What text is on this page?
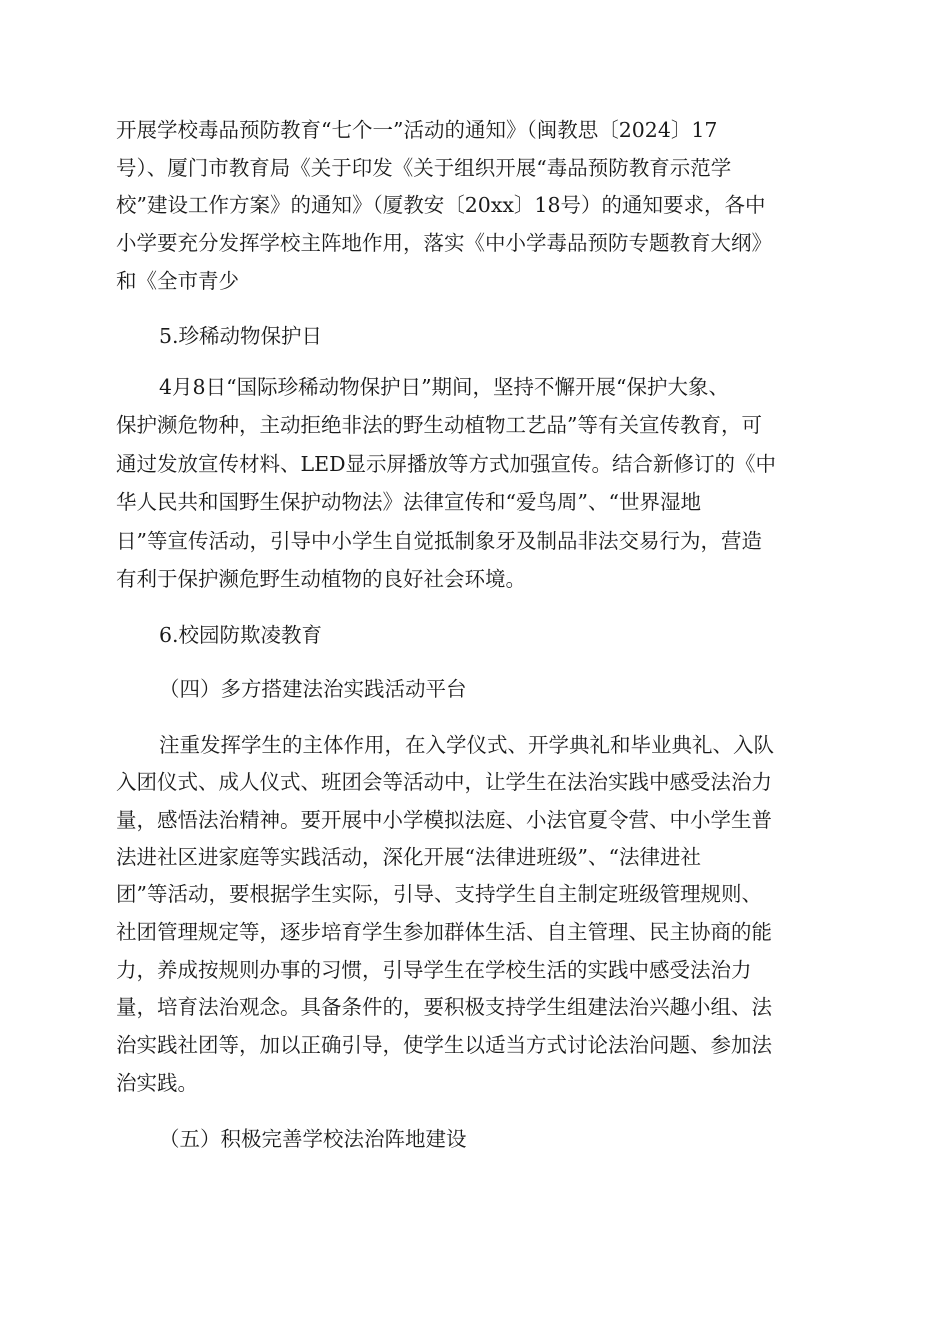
开展学校毒品预防教育“七个一”活动的通知》（闽教思〔2024〕17
号）、厦门市教育局《关于印发《关于组织开展“毒品预防教育示范学
校”建设工作方案》的通知》（厦教安〔20xx〕18号）的通知要求，各中
小学要充分发挥学校主阵地作用，落实《中小学毒品预防专题教育大纲》
和《全市青少
5.珍稀动物保护日
4月8日“国际珍稀动物保护日”期间，坚持不懈开展“保护大象、
保护濒危物种，主动拒绝非法的野生动植物工艺品”等有关宣传教育，可
通过发放宣传材料、LED显示屏播放等方式加强宣传。结合新修订的《中
华人民共和国野生保护动物法》法律宣传和“爱鸟周”、“世界湿地
日”等宣传活动，引导中小学生自觉抵制象牙及制品非法交易行为，营造
有利于保护濒危野生动植物的良好社会环境。
6.校园防欺凌教育
（四）多方搭建法治实践活动平台
注重发挥学生的主体作用，在入学仪式、开学典礼和毕业典礼、入队
入团仪式、成人仪式、班团会等活动中，让学生在法治实践中感受法治力
量，感悟法治精神。要开展中小学模拟法庭、小法官夏令营、中小学生普
法进社区进家庭等实践活动，深化开展“法律进班级”、“法律进社
团”等活动，要根据学生实际，引导、支持学生自主制定班级管理规则、
社团管理规定等，逐步培育学生参加群体生活、自主管理、民主协商的能
力，养成按规则办事的习惯，引导学生在学校生活的实践中感受法治力
量，培育法治观念。具备条件的，要积极支持学生组建法治兴趣小组、法
治实践社团等，加以正确引导，使学生以适当方式讨论法治问题、参加法
治实践。
（五）积极完善学校法治阵地建设
